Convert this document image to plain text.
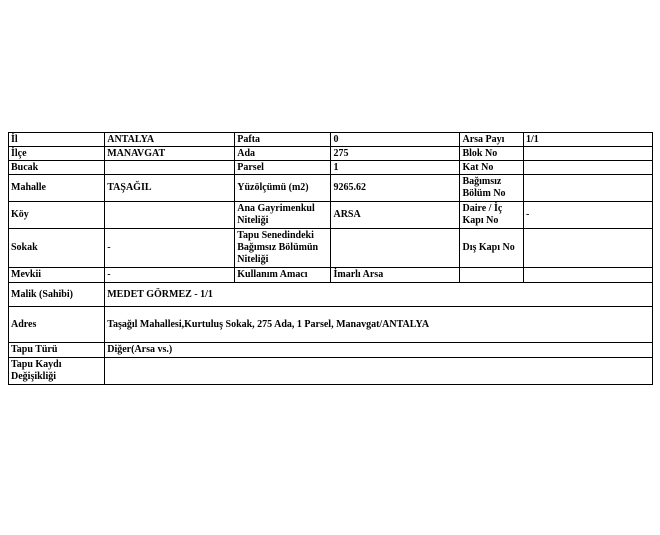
İl	ANTALYA	Pafta	0	Arsa Payı	1/1
İlçe	MANAVGAT	Ada	275	Blok No	
Bucak		Parsel	1	Kat No	
Mahalle	TAŞAĞIL	Yüzölçümü (m2)	9265.62	Bağımsız Bölüm No	
Köy		Ana Gayrimenkul Niteliği	ARSA	Daire / İç Kapı No	-
Sokak	-	Tapu Senedindeki Bağımsız Bölümün Niteliği		Dış Kapı No	
Mevkii	-	Kullanım Amacı	İmarlı Arsa		
Malik (Sahibi)	MEDET GÖRMEZ - 1/1				
Adres	Taşağıl Mahallesi,Kurtuluş Sokak, 275 Ada, 1 Parsel, Manavgat/ANTALYA				
Tapu Türü	Diğer(Arsa vs.)				
Tapu Kaydı Değişikliği					
